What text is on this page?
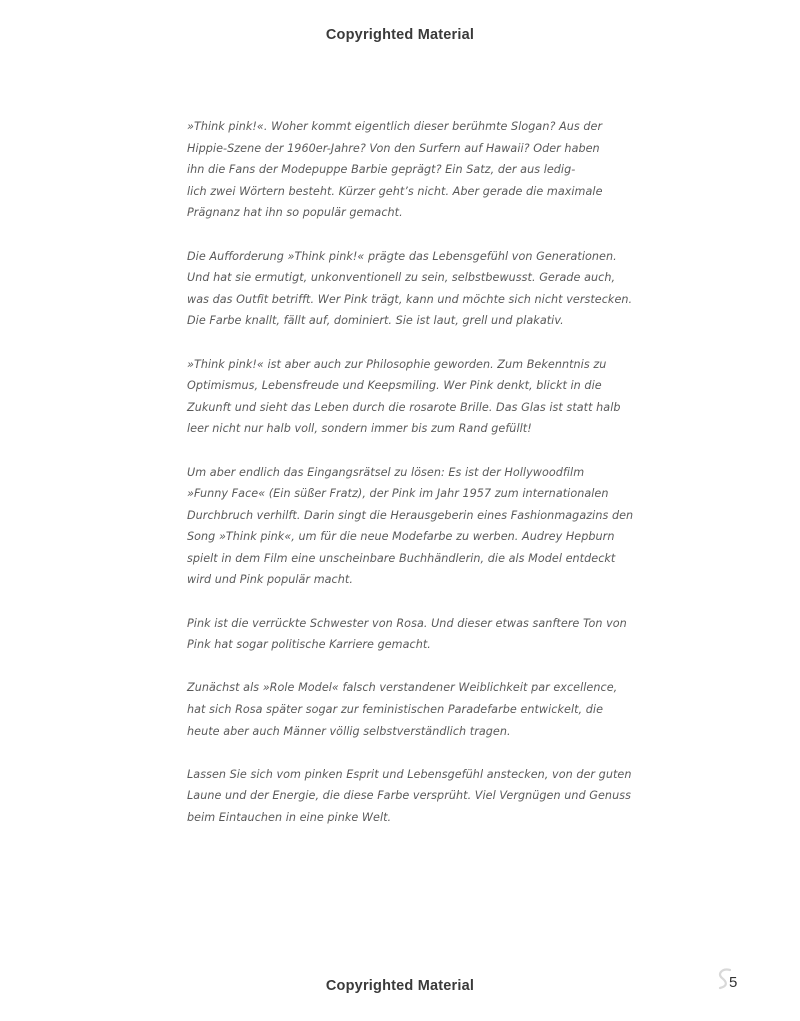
Copyrighted Material

»Think pink!«. Woher kommt eigentlich dieser berühmte Slogan? Aus der
Hippie-Szene der 1960er-Jahre? Von den Surfern auf Hawaii? Oder haben
ihn die Fans der Modepuppe Barbie geprägt? Ein Satz, der aus ledig-
lich zwei Wörtern besteht. Kürzer geht’s nicht. Aber gerade die maximale
Prägnanz hat ihn so populär gemacht.

Die Aufforderung »Think pink!« prägte das Lebensgefühl von Generationen.
Und hat sie ermutigt, unkonventionell zu sein, selbstbewusst. Gerade auch,
was das Outfit betrifft. Wer Pink trägt, kann und möchte sich nicht verstecken.
Die Farbe knallt, fällt auf, dominiert. Sie ist laut, grell und plakativ.

»Think pink!« ist aber auch zur Philosophie geworden. Zum Bekenntnis zu
Optimismus, Lebensfreude und Keepsmiling. Wer Pink denkt, blickt in die
Zukunft und sieht das Leben durch die rosarote Brille. Das Glas ist statt halb
leer nicht nur halb voll, sondern immer bis zum Rand gefüllt!

Um aber endlich das Eingangsrätsel zu lösen: Es ist der Hollywoodfilm
»Funny Face« (Ein süßer Fratz), der Pink im Jahr 1957 zum internationalen
Durchbruch verhilft. Darin singt die Herausgeberin eines Fashionmagazins den
Song »Think pink«, um für die neue Modefarbe zu werben. Audrey Hepburn
spielt in dem Film eine unscheinbare Buchhändlerin, die als Model entdeckt
wird und Pink populär macht.

Pink ist die verrückte Schwester von Rosa. Und dieser etwas sanftere Ton von
Pink hat sogar politische Karriere gemacht.

Zunächst als »Role Model« falsch verstandener Weiblichkeit par excellence,
hat sich Rosa später sogar zur feministischen Paradefarbe entwickelt, die
heute aber auch Männer völlig selbstverständlich tragen.

Lassen Sie sich vom pinken Esprit und Lebensgefühl anstecken, von der guten
Laune und der Energie, die diese Farbe versprüht. Viel Vergnügen und Genuss
beim Eintauchen in eine pinke Welt.

Copyrighted Material	5
